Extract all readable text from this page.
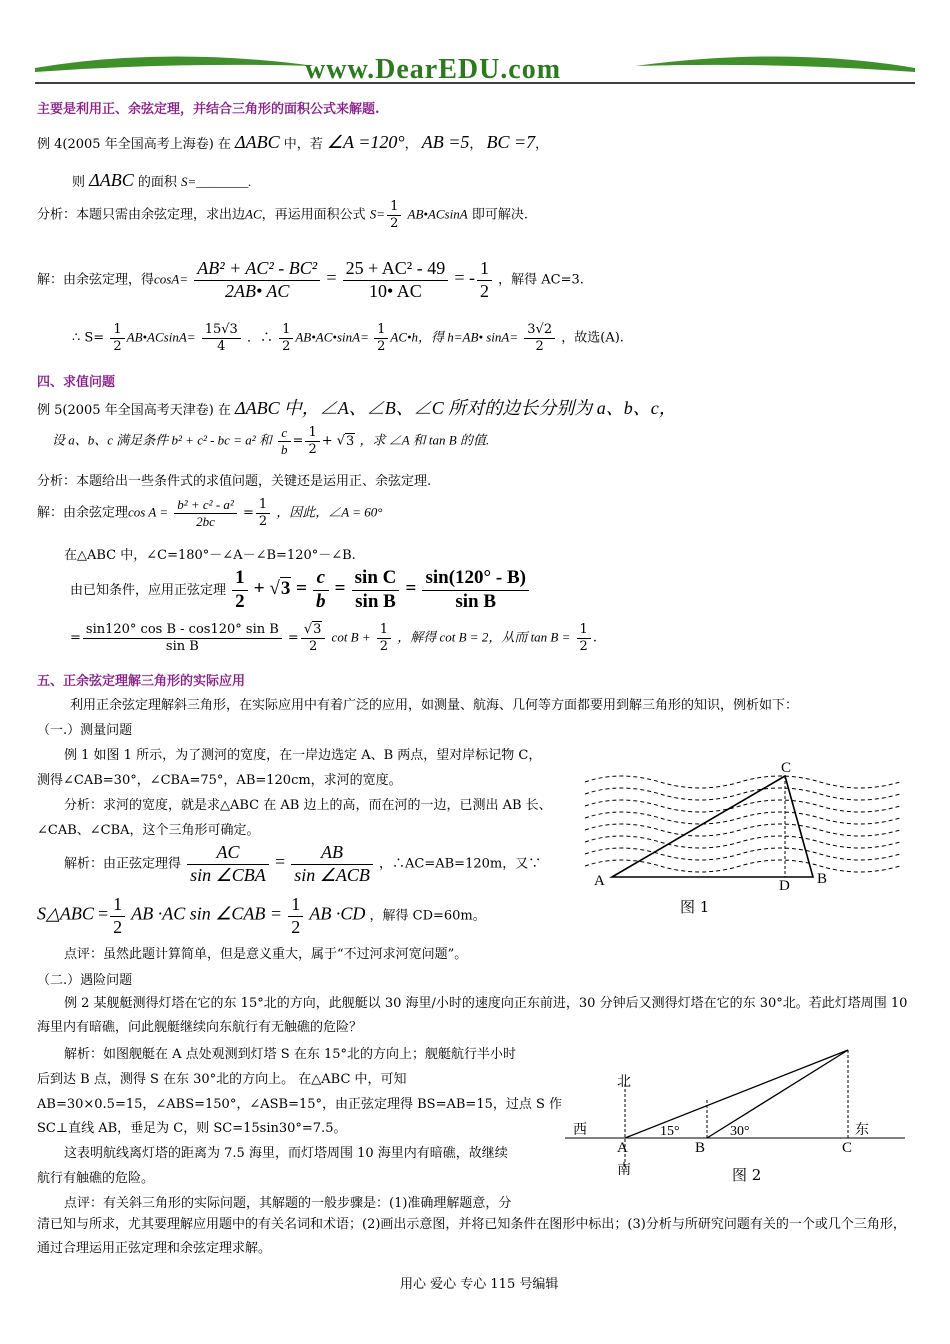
www.DearEDU.com
主要是利用正、余弦定理，并结合三角形的面积公式来解题.
例 4(2005 年全国高考上海卷) 在 ΔABC 中，若 ∠A =120°， AB =5， BC =7，
则 ΔABC 的面积 S=________.
分析：本题只需由余弦定理，求出边AC，再运用面积公式 $S= \frac{1}{2}$ AB•ACsinA 即可解决.
解：由余弦定理，得$\cos A= \frac{\text{AB² + AC² - BC²}}{2AB• AC} = \frac{\text{25 + AC² - 49}}{10• AC}$ = - $\frac{1}{2}$ ，解得 AC=3.
∴ $S= \frac{1}{2}$ AB•ACsinA= $\frac{15√3}{4}$ ．∴ $\frac{1}{2}$ AB•AC•sinA= $\frac{1}{2}$ AC•h，得 h=AB• $\sin A= \frac{3√2}{2}$ ，故选(A).
四、求值问题
例 5(2005 年全国高考天津卷) 在 ΔABC 中，∠A、∠B、∠C 所对的边长分别为 a、b、c，
设 a、b、c 满足条件 b² + c² - bc = a² 和 $\frac{c}{b} = \frac{1}{2} + √3$ ，求 ∠A 和 tan B 的值.
分析：本题给出一些条件式的求值问题，关键还是运用正、余弦定理.
解：由余弦定理$\cos A = \frac{\text{b² + c² - a²}}{2bc} = \frac{1}{2}$ ，因此，∠A = 60°
在△ABC 中，∠C=180°－∠A－∠B=120°－∠B.
由已知条件，应用正弦定理 $\frac{1}{2} + √3 = \frac{c}{b} = \frac{\text{sin C}}{\text{sin B}} = \frac{\sin(120^\circ - B)}{\text{sin B}}$
= $\frac{\text{sin120° cos B - cos120° sin B}}{\text{sin B}} = \frac{√3}{2}$ $\cot B + \frac{1}{2}$ ，解得 cot B = 2，从而 $\tan B = \frac{1}{2}$ .
五、正余弦定理解三角形的实际应用
利用正余弦定理解斜三角形，在实际应用中有着广泛的应用，如测量、航海、几何等方面都要用到解三角形的知识，例析如下：
（一.）测量问题
例 1 如图 1 所示，为了测河的宽度，在一岸边选定 A、B 两点，望对岸标记物 C，
测得∠CAB=30°，∠CBA=75°，AB=120cm，求河的宽度。
分析：求河的宽度，就是求△ABC 在 AB 边上的高，而在河的一边，已测出 AB 长、
∠CAB、∠CBA，这个三角形可确定。
解析：由正弦定理得 $\frac{AC}{\text{sin ∠CBA}} = \frac{AB}{\text{sin ∠ACB}}$ ，∴AC=AB=120m，又∵
S△ABC = $\frac{1}{2}$ AB ·AC sin ∠CAB = $\frac{1}{2}$ AB ·CD ，解得 CD=60m。
点评：虽然此题计算简单，但是意义重大，属于“不过河求河宽问题”。
A	B
C
D
图 1
（二.）遇险问题
例 2 某舰艇测得灯塔在它的东 15°北的方向，此舰艇以 30 海里/小时的速度向正东前进，30 分钟后又测得灯塔在它的东 30°北。若此灯塔周围 10 海里内有暗礁，问此舰艇继续向东航行有无触礁的危险？
解析：如图舰艇在 A 点处观测到灯塔 S 在东 15°北的方向上；舰艇航行半小时
后到达 B 点，测得 S 在东 30°北的方向上。 在△ABC 中，可知
AB=30×0.5=15，∠ABS=150°，∠ASB=15°，由正弦定理得 BS=AB=15，过点 S 作
SC⊥直线 AB，垂足为 C，则 SC=15sin30°=7.5。
这表明航线离灯塔的距离为 7.5 海里，而灯塔周围 10 海里内有暗礁，故继续
航行有触礁的危险。
点评：有关斜三角形的实际问题，其解题的一般步骤是：(1)准确理解题意，分
清已知与所求，尤其要理解应用题中的有关名词和术语；(2)画出示意图，并将已知条件在图形中标出；(3)分析与所研究问题有关的一个或几个三角形，通过合理运用正弦定理和余弦定理求解。
北
西	东
南
A	B	C
15°	30°
图 2
用心 爱心 专心 115 号编辑
